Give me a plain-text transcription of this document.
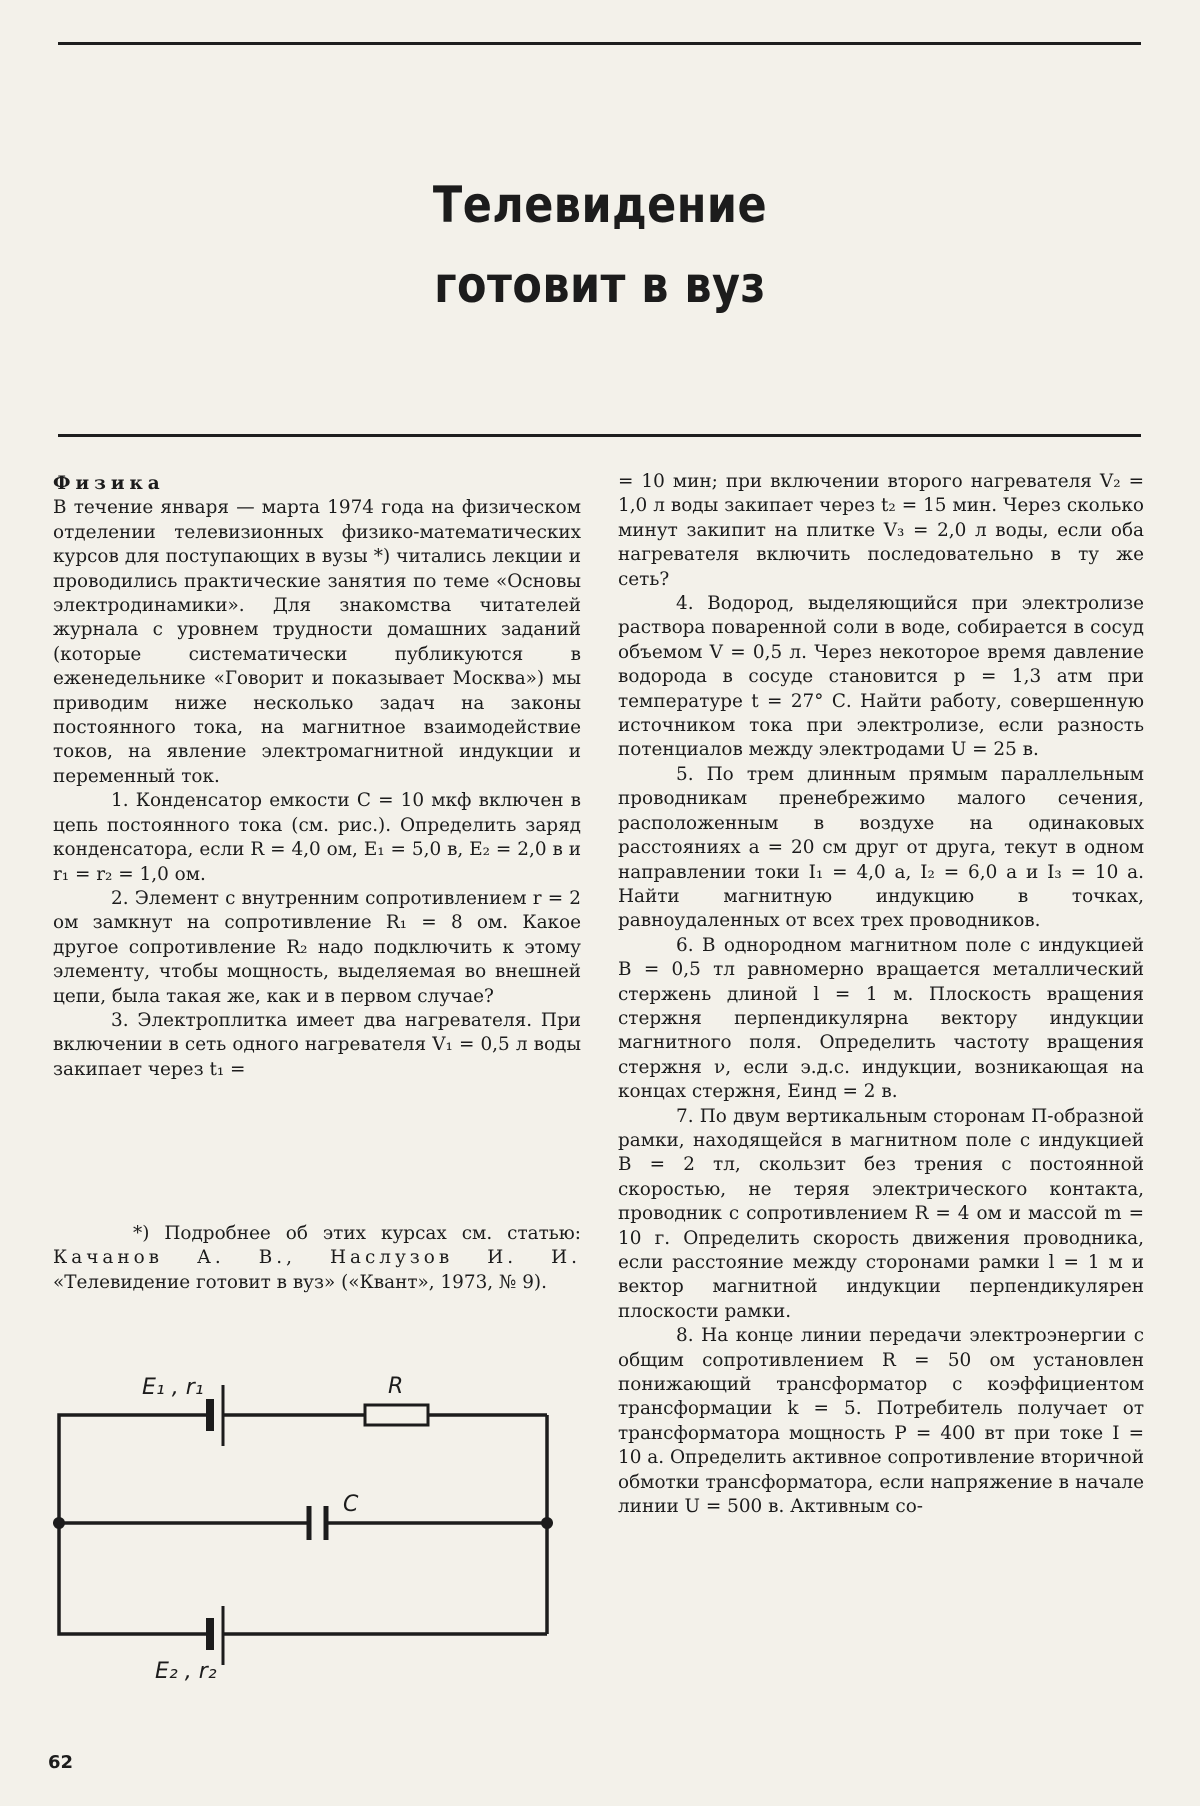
Телевидение
готовит в вуз

Физика

В течение января — марта 1974 года на физическом отделении телевизионных физико-математических курсов для поступающих в вузы *) читались лекции и проводились практические занятия по теме «Основы электродинамики». Для знакомства читателей журнала с уровнем трудности домашних заданий (которые систематически публикуются в еженедельнике «Говорит и показывает Москва») мы приводим ниже несколько задач на законы постоянного тока, на магнитное взаимодействие токов, на явление электромагнитной индукции и переменный ток.

1. Конденсатор емкости C = 10 мкф включен в цепь постоянного тока (см. рис.). Определить заряд конденсатора, если R = 4,0 ом, E₁ = 5,0 в, E₂ = 2,0 в и r₁ = r₂ = 1,0 ом.

2. Элемент с внутренним сопротивлением r = 2 ом замкнут на сопротивление R₁ = 8 ом. Какое другое сопротивление R₂ надо подключить к этому элементу, чтобы мощность, выделяемая во внешней цепи, была такая же, как и в первом случае?

3. Электроплитка имеет два нагревателя. При включении в сеть одного нагревателя V₁ = 0,5 л воды закипает через t₁ =

*) Подробнее об этих курсах см. статью: Качанов А. В., Наслузов И. И. «Телевидение готовит в вуз» («Квант», 1973, № 9).

E₁ , r₁	R
C
E₂ , r₂

= 10 мин; при включении второго нагревателя V₂ = 1,0 л воды закипает через t₂ = 15 мин. Через сколько минут закипит на плитке V₃ = 2,0 л воды, если оба нагревателя включить последовательно в ту же сеть?

4. Водород, выделяющийся при электролизе раствора поваренной соли в воде, собирается в сосуд объемом V = 0,5 л. Через некоторое время давление водорода в сосуде становится p = 1,3 атм при температуре t = 27° С. Найти работу, совершенную источником тока при электролизе, если разность потенциалов между электродами U = 25 в.

5. По трем длинным прямым параллельным проводникам пренебрежимо малого сечения, расположенным в воздухе на одинаковых расстояниях a = 20 см друг от друга, текут в одном направлении токи I₁ = 4,0 а, I₂ = 6,0 а и I₃ = 10 а. Найти магнитную индукцию в точках, равноудаленных от всех трех проводников.

6. В однородном магнитном поле с индукцией B = 0,5 тл равномерно вращается металлический стержень длиной l = 1 м. Плоскость вращения стержня перпендикулярна вектору индукции магнитного поля. Определить частоту вращения стержня ν, если э.д.с. индукции, возникающая на концах стержня, Eинд = 2 в.

7. По двум вертикальным сторонам П-образной рамки, находящейся в магнитном поле с индукцией B = 2 тл, скользит без трения с постоянной скоростью, не теряя электрического контакта, проводник с сопротивлением R = 4 ом и массой m = 10 г. Определить скорость движения проводника, если расстояние между сторонами рамки l = 1 м и вектор магнитной индукции перпендикулярен плоскости рамки.

8. На конце линии передачи электроэнергии с общим сопротивлением R = 50 ом установлен понижающий трансформатор с коэффициентом трансформации k = 5. Потребитель получает от трансформатора мощность P = 400 вт при токе I = 10 а. Определить активное сопротивление вторичной обмотки трансформатора, если напряжение в начале линии U = 500 в. Активным со-

62
